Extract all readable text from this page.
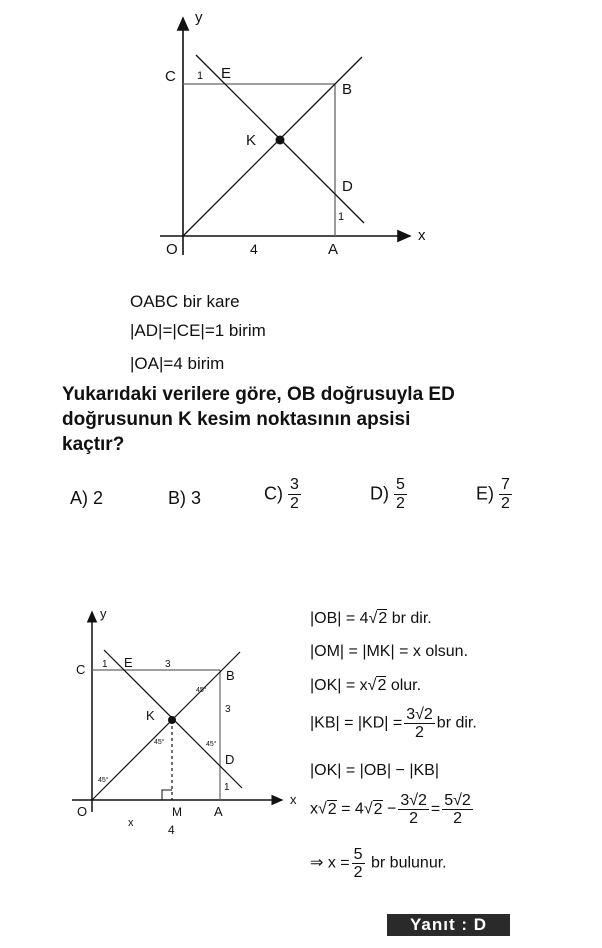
y
x
C 1 E
B
K
D
1
O	4	A
OABC bir kare
|AD|=|CE|=1 birim
|OA|=4 birim
Yukarıdaki verilere göre, OB doğrusuyla ED
doğrusunun K kesim noktasının apsisi
kaçtır?
A) 2	B) 3	$C) \frac{3}{2}$	$D) \frac{5}{2}$	$E) \frac{7}{2}$
y
x
C 1 E	3
B
3
K
D
1
O	M A
x	4
45°
45°
45°
45°
|OB| = 4√2 br dir.
|OM| = |MK| = x olsun.
|OK| = x√2 olur.
$|KB| = |KD| = \frac{3√2}{2}$ br dir.
|OK| = |OB| − |KB|
$x√2 = 4√2 - \frac{3√2}{2} = \frac{5√2}{2}$
⇒ $x = \frac{5}{2}$ br bulunur.
Yanıt : D
